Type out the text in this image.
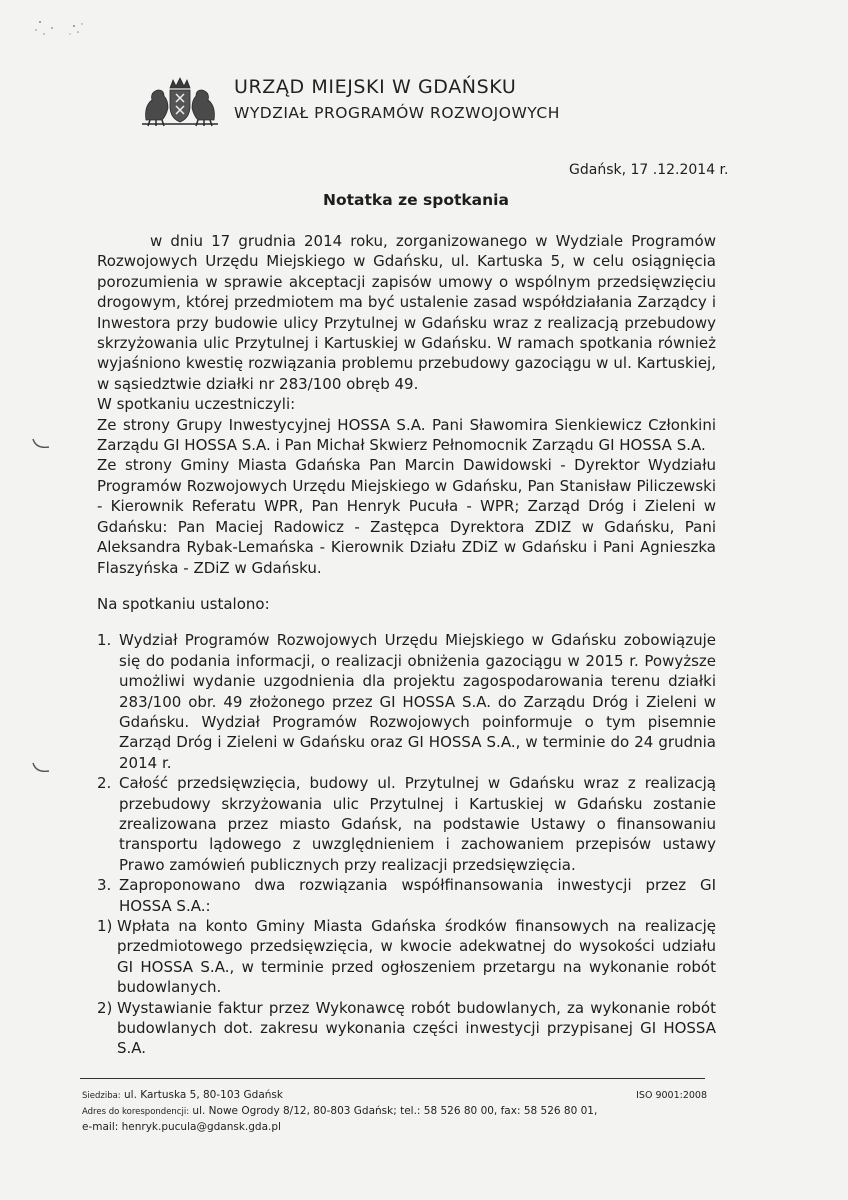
URZĄD MIEJSKI W GDAŃSKU
WYDZIAŁ PROGRAMÓW ROZWOJOWYCH
Gdańsk, 17 .12.2014 r.
Notatka ze spotkania

w dniu 17 grudnia 2014 roku, zorganizowanego w Wydziale Programów Rozwojowych Urzędu Miejskiego w Gdańsku, ul. Kartuska 5, w celu osiągnięcia porozumienia w sprawie akceptacji zapisów umowy o wspólnym przedsięwzięciu drogowym, której przedmiotem ma być ustalenie zasad współdziałania Zarządcy i Inwestora przy budowie ulicy Przytulnej w Gdańsku wraz z realizacją przebudowy skrzyżowania ulic Przytulnej i Kartuskiej w Gdańsku. W ramach spotkania również wyjaśniono kwestię rozwiązania problemu przebudowy gazociągu w ul. Kartuskiej, w sąsiedztwie działki nr 283/100 obręb 49.

W spotkaniu uczestniczyli:

Ze strony Grupy Inwestycyjnej HOSSA S.A. Pani Sławomira Sienkiewicz Członkini Zarządu GI HOSSA S.A. i Pan Michał Skwierz Pełnomocnik Zarządu GI HOSSA S.A.

Ze strony Gminy Miasta Gdańska Pan Marcin Dawidowski - Dyrektor Wydziału Programów Rozwojowych Urzędu Miejskiego w Gdańsku, Pan Stanisław Piliczewski - Kierownik Referatu WPR, Pan Henryk Pucuła - WPR; Zarząd Dróg i Zieleni w Gdańsku: Pan Maciej Radowicz - Zastępca Dyrektora ZDIZ w Gdańsku, Pani Aleksandra Rybak-Lemańska - Kierownik Działu ZDiZ w Gdańsku i Pani Agnieszka Flaszyńska - ZDiZ w Gdańsku.

Na spotkaniu ustalono:

1. Wydział Programów Rozwojowych Urzędu Miejskiego w Gdańsku zobowiązuje się do podania informacji, o realizacji obniżenia gazociągu w 2015 r. Powyższe umożliwi wydanie uzgodnienia dla projektu zagospodarowania terenu działki 283/100 obr. 49 złożonego przez GI HOSSA S.A. do Zarządu Dróg i Zieleni w Gdańsku. Wydział Programów Rozwojowych poinformuje o tym pisemnie Zarząd Dróg i Zieleni w Gdańsku oraz GI HOSSA S.A., w terminie do 24 grudnia 2014 r.
2. Całość przedsięwzięcia, budowy ul. Przytulnej w Gdańsku wraz z realizacją przebudowy skrzyżowania ulic Przytulnej i Kartuskiej w Gdańsku zostanie zrealizowana przez miasto Gdańsk, na podstawie Ustawy o finansowaniu transportu lądowego z uwzględnieniem i zachowaniem przepisów ustawy Prawo zamówień publicznych przy realizacji przedsięwzięcia.
3. Zaproponowano dwa rozwiązania współfinansowania inwestycji przez GI HOSSA S.A.:
1) Wpłata na konto Gminy Miasta Gdańska środków finansowych na realizację przedmiotowego przedsięwzięcia, w kwocie adekwatnej do wysokości udziału GI HOSSA S.A., w terminie przed ogłoszeniem przetargu na wykonanie robót budowlanych.
2) Wystawianie faktur przez Wykonawcę robót budowlanych, za wykonanie robót budowlanych dot. zakresu wykonania części inwestycji przypisanej GI HOSSA S.A.
Siedziba: ul. Kartuska 5, 80-103 Gdańsk
Adres do korespondencji: ul. Nowe Ogrody 8/12, 80-803 Gdańsk; tel.: 58 526 80 00, fax: 58 526 80 01,
e-mail: henryk.pucula@gdansk.gda.pl
ISO 9001:2008
